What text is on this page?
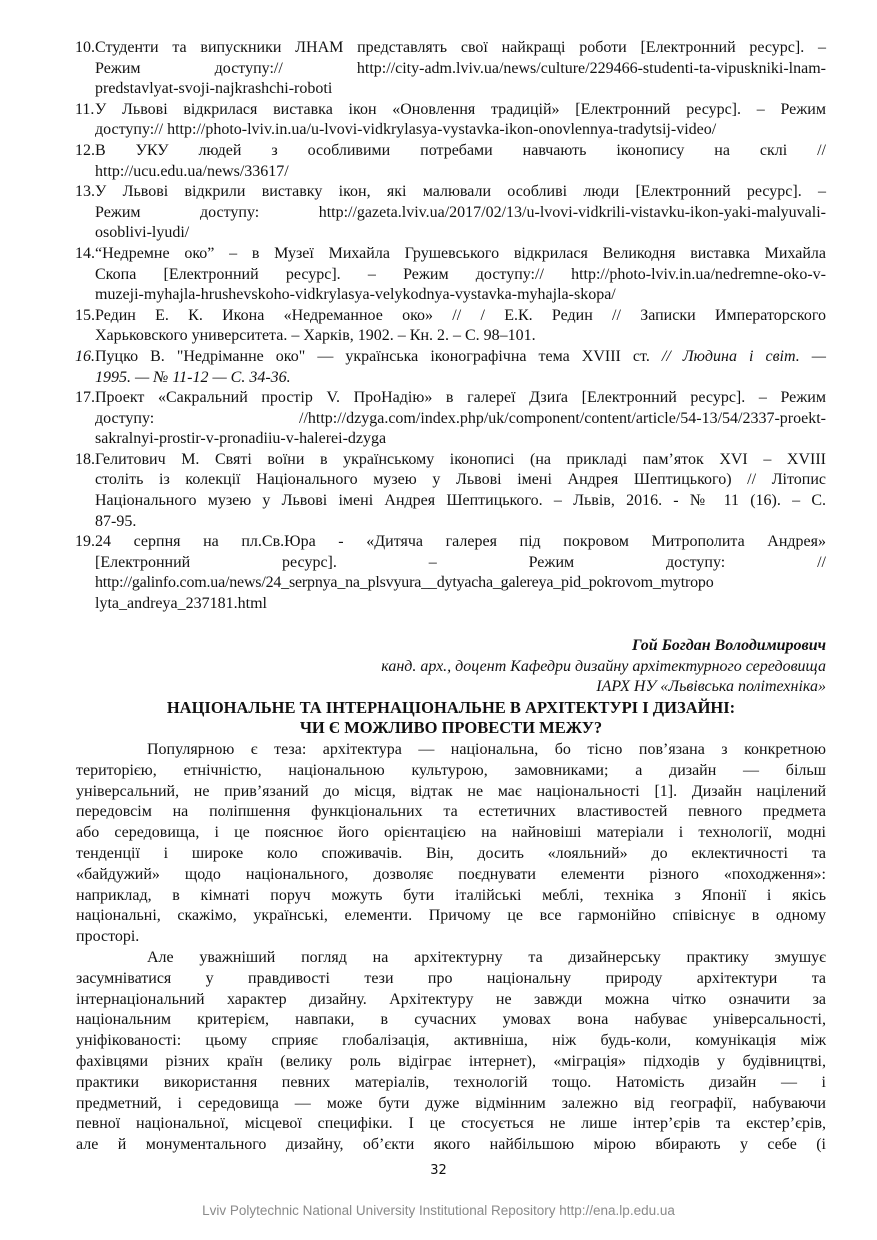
10. Студенти та випускники ЛНАМ представлять свої найкращі роботи [Електронний ресурс]. –
Режим доступу:// http://city-adm.lviv.ua/news/culture/229466-studenti-ta-vipuskniki-lnam-
predstavlyat-svoji-najkrashchi-roboti
11. У Львові відкрилася виставка ікон «Оновлення традицій» [Електронний ресурс]. – Режим
доступу:// http://photo-lviv.in.ua/u-lvovi-vidkrylasya-vystavka-ikon-onovlennya-tradytsij-video/
12. В УКУ людей з особливими потребами навчають іконопису на склі //
http://ucu.edu.ua/news/33617/
13. У Львові відкрили виставку ікон, які малювали особливі люди [Електронний ресурс]. –
Режим доступу: http://gazeta.lviv.ua/2017/02/13/u-lvovi-vidkrili-vistavku-ikon-yaki-malyuvali-
osoblivi-lyudi/
14. “Недремне око” – в Музеї Михайла Грушевського відкрилася Великодня виставка Михайла
Скопа [Електронний ресурс]. – Режим доступу:// http://photo-lviv.in.ua/nedremne-oko-v-
muzeji-myhajla-hrushevskoho-vidkrylasya-velykodnya-vystavka-myhajla-skopa/
15. Редин Е. К. Икона «Недреманное око» // / Е.К. Редин // Записки Императорского
Харьковского университета. – Харків, 1902. – Кн. 2. – С. 98–101.
16. Пуцко В. "Недріманне око" — українська іконографічна тема XVIII ст. // Людина і світ. —
1995. — № 11-12 — С. 34-36.
17. Проект «Сакральний простір V. ПроНадію» в галереї Дзиґа [Електронний ресурс]. – Режим
доступу: //http://dzyga.com/index.php/uk/component/content/article/54-13/54/2337-proekt-
sakralnyi-prostir-v-pronadiiu-v-halerei-dzyga
18. Гелитович М. Святі воїни в українському іконописі (на прикладі пам’яток XVI – XVIII
століть із колекції Національного музею у Львові імені Андрея Шептицького) // Літопис
Національного музею у Львові імені Андрея Шептицького. – Львів, 2016. - № 11 (16). – С.
87-95.
19. 24 серпня на пл.Св.Юра - «Дитяча галерея під покровом Митрополита Андрея»
[Електронний ресурс]. – Режим доступу: //
http://galinfo.com.ua/news/24_serpnya_na_plsvyura__dytyacha_galereya_pid_pokrovom_mytropo
lyta_andreya_237181.html
Гой Богдан Володимирович
канд. арх., доцент Кафедри дизайну архітектурного середовища
ІАРХ НУ «Львівська політехніка»
НАЦІОНАЛЬНЕ ТА ІНТЕРНАЦІОНАЛЬНЕ В АРХІТЕКТУРІ І ДИЗАЙНІ:
ЧИ Є МОЖЛИВО ПРОВЕСТИ МЕЖУ?
Популярною є теза: архітектура — національна, бо тісно пов’язана з конкретною
територією, етнічністю, національною культурою, замовниками; а дизайн — більш
універсальний, не прив’язаний до місця, відтак не має національності [1]. Дизайн націлений
передовсім на поліпшення функціональних та естетичних властивостей певного предмета
або середовища, і це пояснює його орієнтацією на найновіші матеріали і технології, модні
тенденції і широке коло споживачів. Він, досить «лояльний» до еклектичності та
«байдужий» щодо національного, дозволяє поєднувати елементи різного «походження»:
наприклад, в кімнаті поруч можуть бути італійські меблі, техніка з Японії і якісь
національні, скажімо, українські, елементи. Причому це все гармонійно співіснує в одному
просторі.
Але уважніший погляд на архітектурну та дизайнерську практику змушує
засумніватися у правдивості тези про національну природу архітектури та
інтернаціональний характер дизайну. Архітектуру не завжди можна чітко означити за
національним критерієм, навпаки, в сучасних умовах вона набуває універсальності,
уніфікованості: цьому сприяє глобалізація, активніша, ніж будь-коли, комунікація між
фахівцями різних країн (велику роль відіграє інтернет), «міграція» підходів у будівництві,
практики використання певних матеріалів, технологій тощо. Натомість дизайн — і
предметний, і середовища — може бути дуже відмінним залежно від географії, набуваючи
певної національної, місцевої специфіки. І це стосується не лише інтер’єрів та екстер’єрів,
але й монументального дизайну, об’єкти якого найбільшою мірою вбирають у себе (і
32
Lviv Polytechnic National University Institutional Repository http://ena.lp.edu.ua
